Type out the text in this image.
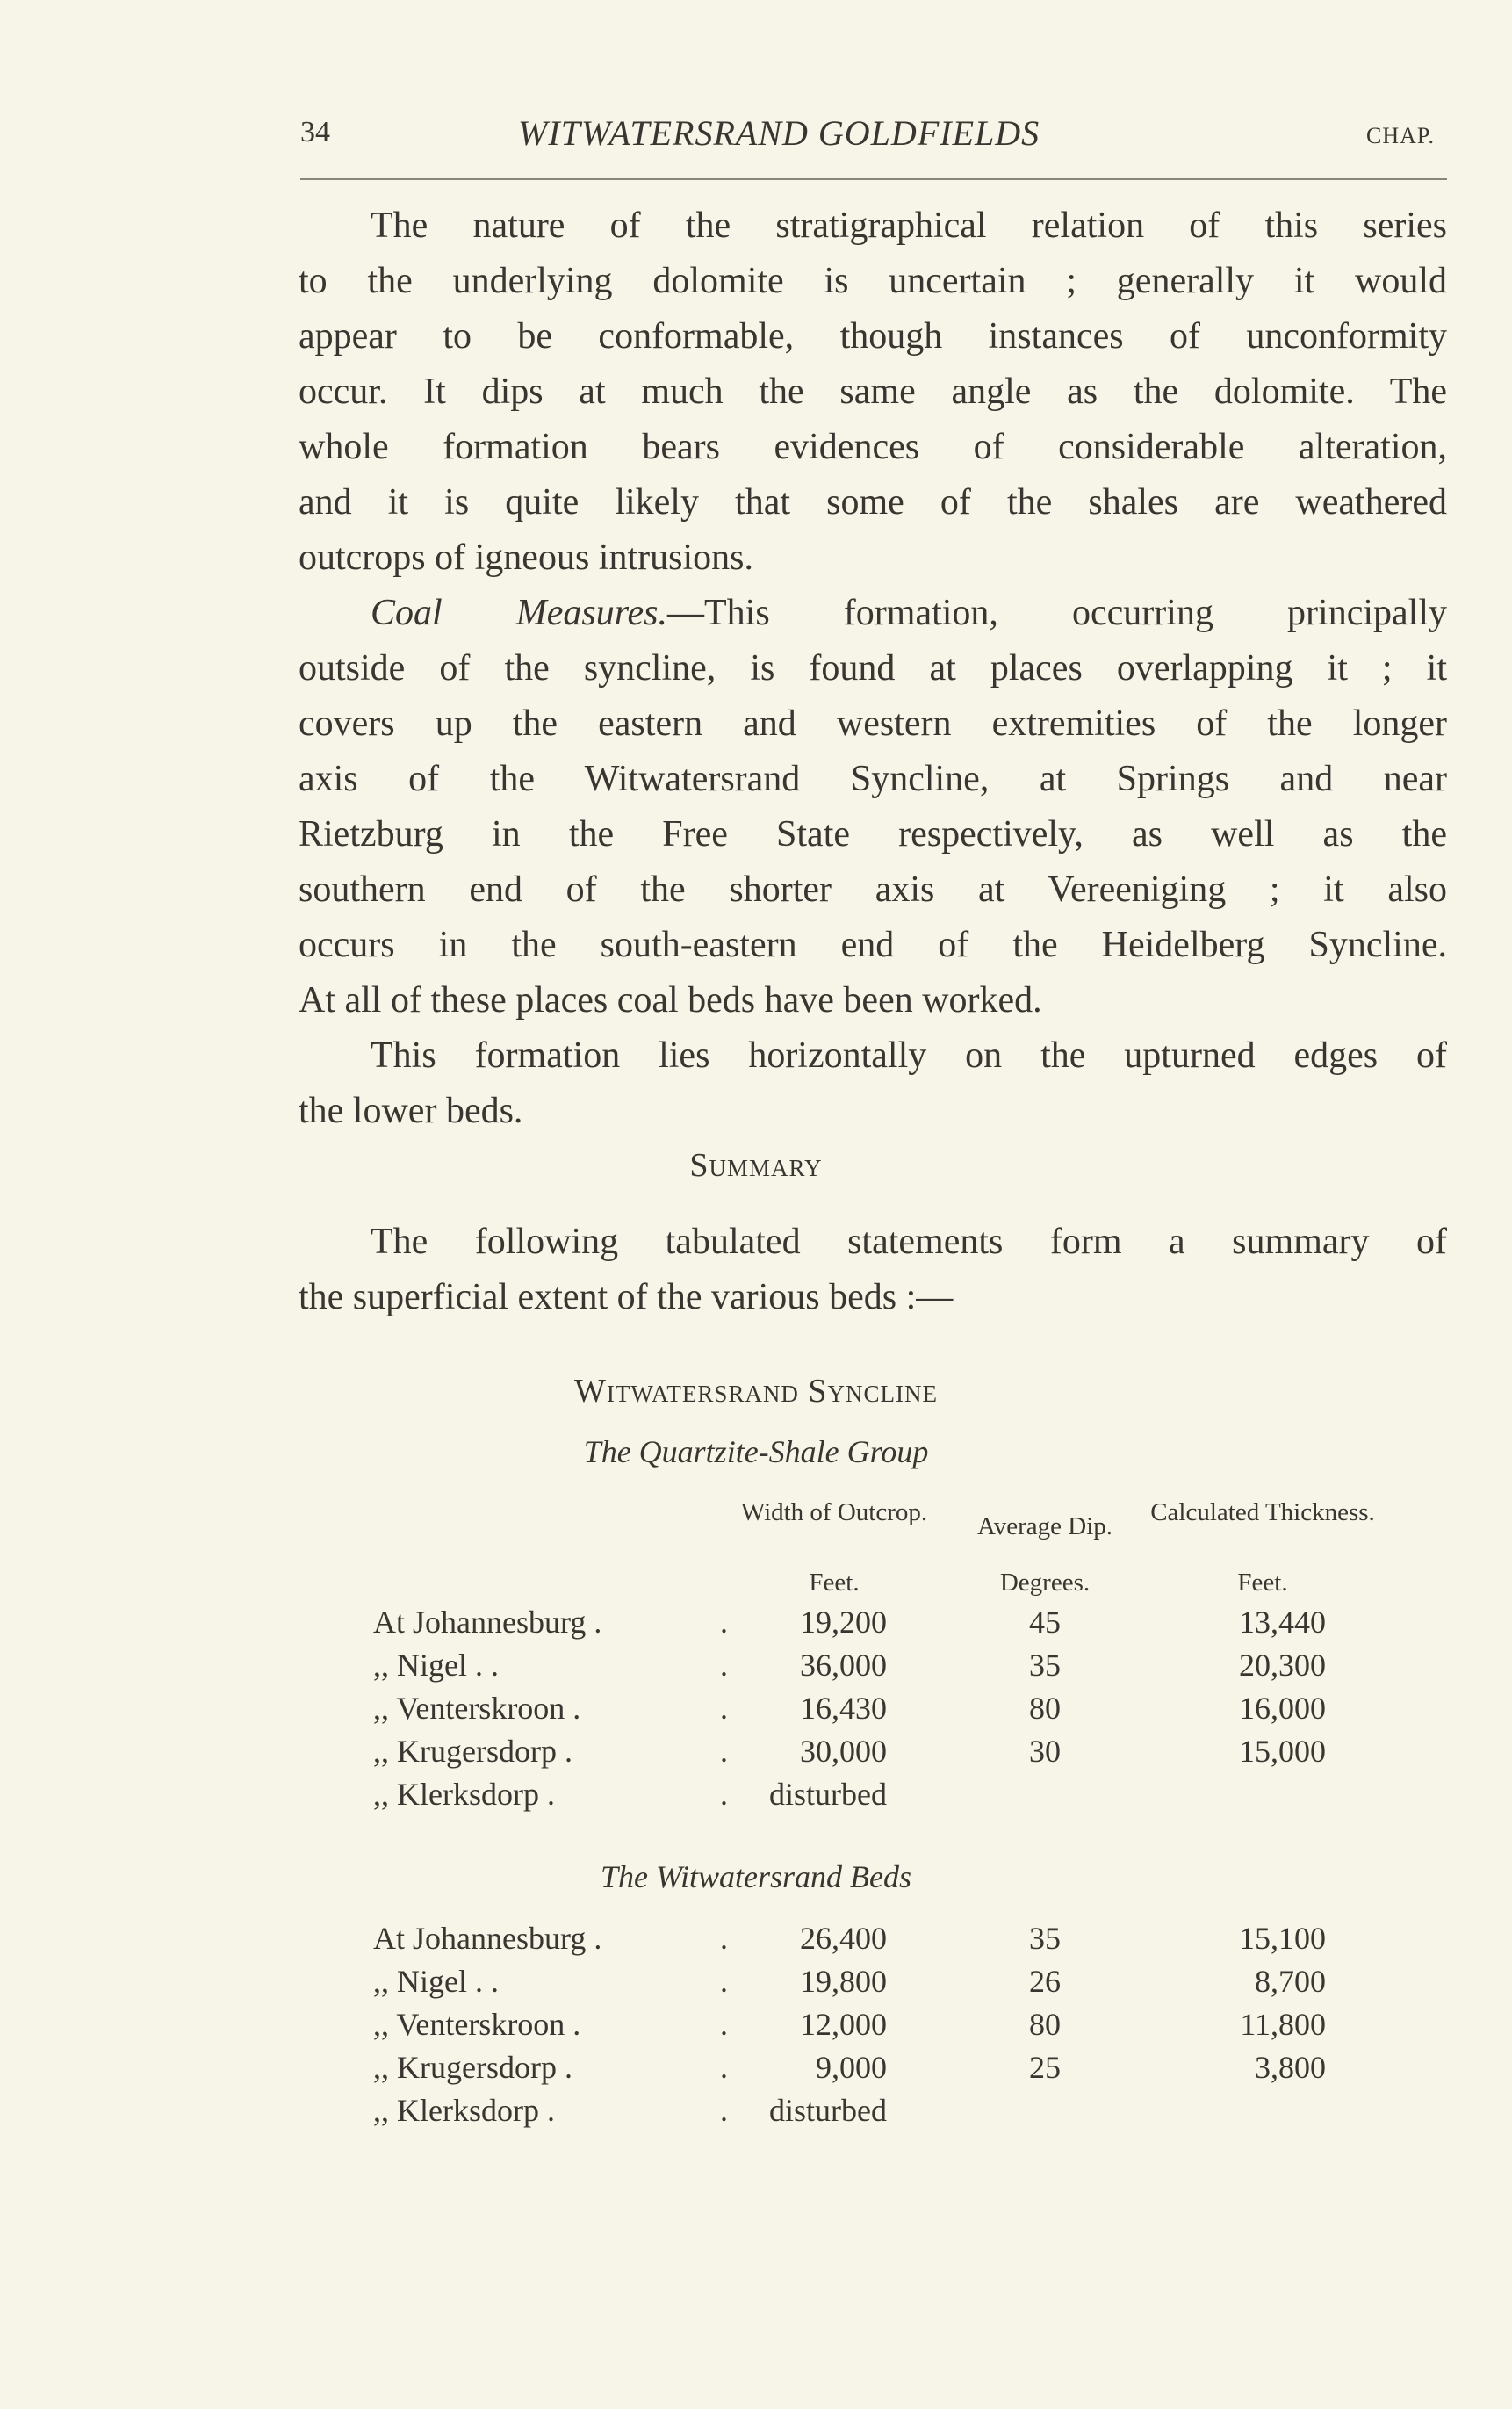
34	WITWATERSRAND GOLDFIELDS	CHAP.
The nature of the stratigraphical relation of this series
to the underlying dolomite is uncertain ; generally it would
appear to be conformable, though instances of unconformity
occur. It dips at much the same angle as the dolomite. The
whole formation bears evidences of considerable alteration,
and it is quite likely that some of the shales are weathered
outcrops of igneous intrusions.
Coal Measures.—This formation, occurring principally
outside of the syncline, is found at places overlapping it ; it
covers up the eastern and western extremities of the longer
axis of the Witwatersrand Syncline, at Springs and near
Rietzburg in the Free State respectively, as well as the
southern end of the shorter axis at Vereeniging ; it also
occurs in the south-eastern end of the Heidelberg Syncline.
At all of these places coal beds have been worked.
This formation lies horizontally on the upturned edges of
the lower beds.
Summary
The following tabulated statements form a summary of
the superficial extent of the various beds :—
Witwatersrand Syncline
The Quartzite-Shale Group
Width of Outcrop.	Average Dip.	Calculated Thickness.
Feet.	Degrees.	Feet.
The Witwatersrand Beds
At Johannesburg .	.	19,200	45	13,440
,, Nigel . .	.	36,000	35	20,300
,, Venterskroon .	.	16,430	80	16,000
,, Krugersdorp .	.	30,000	30	15,000
,, Klerksdorp .	.	disturbed
At Johannesburg .	.	26,400	35	15,100
,, Nigel . .	.	19,800	26	8,700
,, Venterskroon .	.	12,000	80	11,800
,, Krugersdorp .	.	9,000	25	3,800
,, Klerksdorp .	.	disturbed
